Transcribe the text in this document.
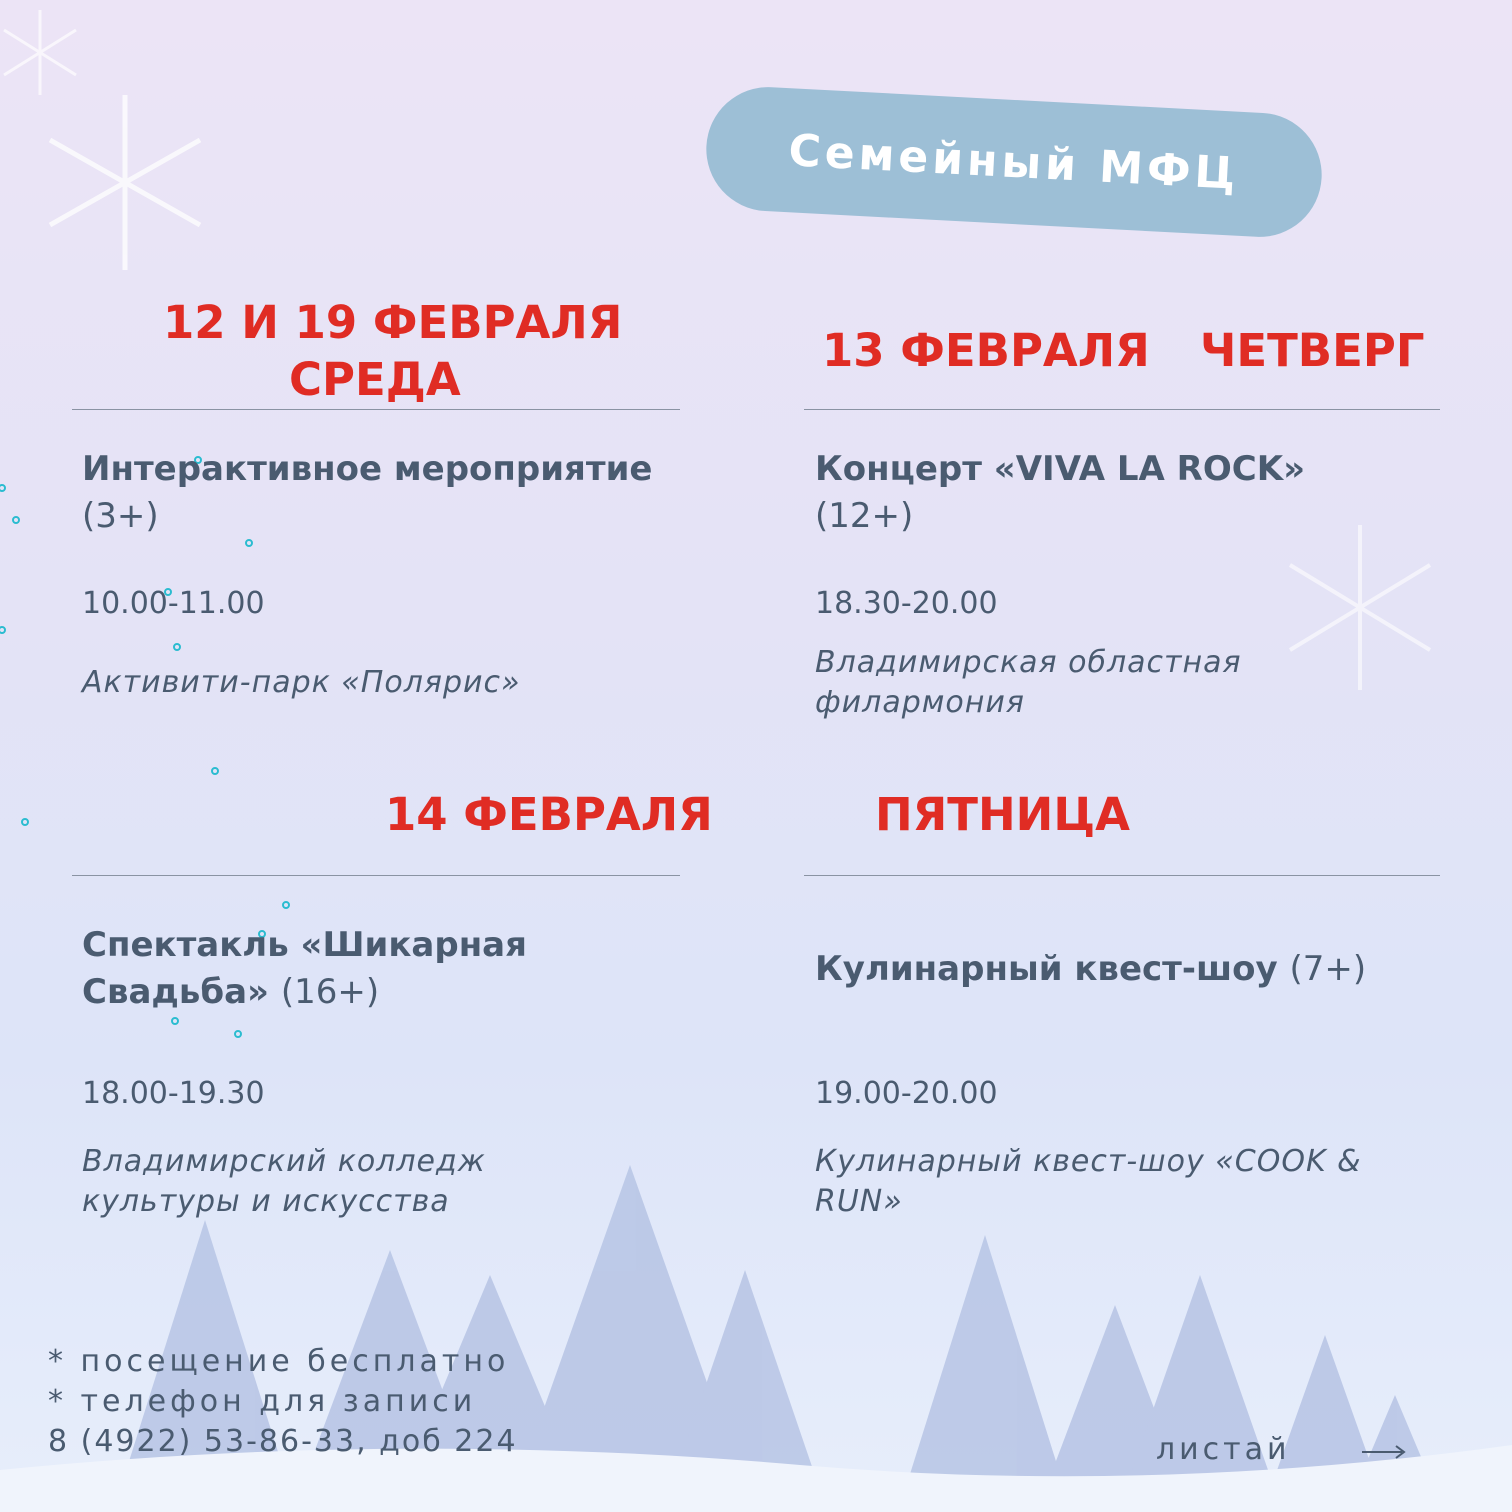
Семейный МФЦ
12 И 19 ФЕВРАЛЯ
СРЕДА
Интерактивное мероприятие (3+)
10.00-11.00
Активити-парк «Полярис»
13 ФЕВРАЛЯ ЧЕТВЕРГ
Концерт «VIVA LA ROCK»
(12+)
18.30-20.00
Владимирская областная филармония
14 ФЕВРАЛЯ
Спектакль «Шикарная Свадьба» (16+)
18.00-19.30
Владимирский колледж культуры и искусства
ПЯТНИЦА
Кулинарный квест-шоу (7+)
19.00-20.00
Кулинарный квест-шоу «COOK & RUN»
* посещение бесплатно
* телефон для записи
8 (4922) 53-86-33, доб 224	листай
